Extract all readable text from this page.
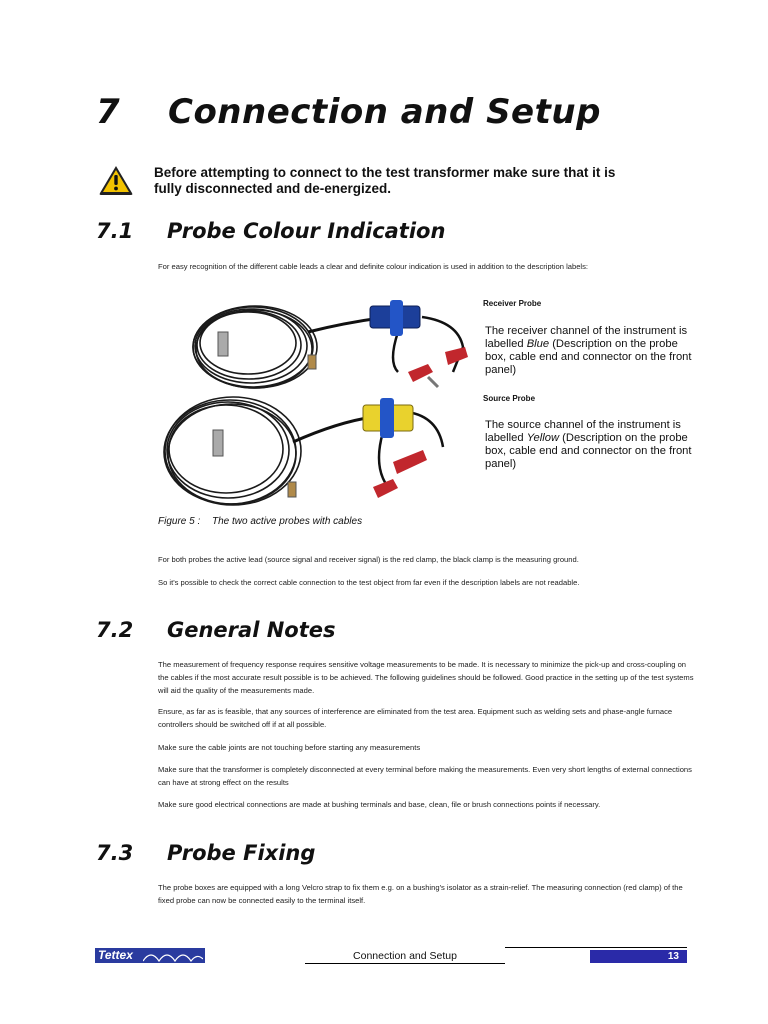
7 Connection and Setup
Before attempting to connect to the test transformer make sure that it is
fully disconnected and de-energized.
7.1 Probe Colour Indication
For easy recognition of the different cable leads a clear and definite colour indication is used in addition to the description labels:
Receiver Probe
The receiver channel of the instrument is labelled Blue (Description on the probe box, cable end and connector on the front panel)
Source Probe
The source channel of the instrument is labelled Yellow (Description on the probe box, cable end and connector on the front panel)
Figure 5 : The two active probes with cables
For both probes the active lead (source signal and receiver signal) is the red clamp, the black clamp is the measuring ground.
So it's possible to check the correct cable connection to the test object from far even if the description labels are not readable.
7.2 General Notes
The measurement of frequency response requires sensitive voltage measurements to be made. It is necessary to minimize the pick-up and cross-coupling on the cables if the most accurate result possible is to be achieved. The following guidelines should be followed. Good practice in the setting up of the test systems will aid the quality of the measurements made.
Ensure, as far as is feasible, that any sources of interference are eliminated from the test area. Equipment such as welding sets and phase-angle furnace controllers should be switched off if at all possible.
Make sure the cable joints are not touching before starting any measurements
Make sure that the transformer is completely disconnected at every terminal before making the measurements. Even very short lengths of external connections can have at strong effect on the results
Make sure good electrical connections are made at bushing terminals and base, clean, file or brush connections points if necessary.
7.3 Probe Fixing
The probe boxes are equipped with a long Velcro strap to fix them e.g. on a bushing's isolator as a strain-relief. The measuring connection (red clamp) of the fixed probe can now be connected easily to the terminal itself.
Tettex	Connection and Setup	13
